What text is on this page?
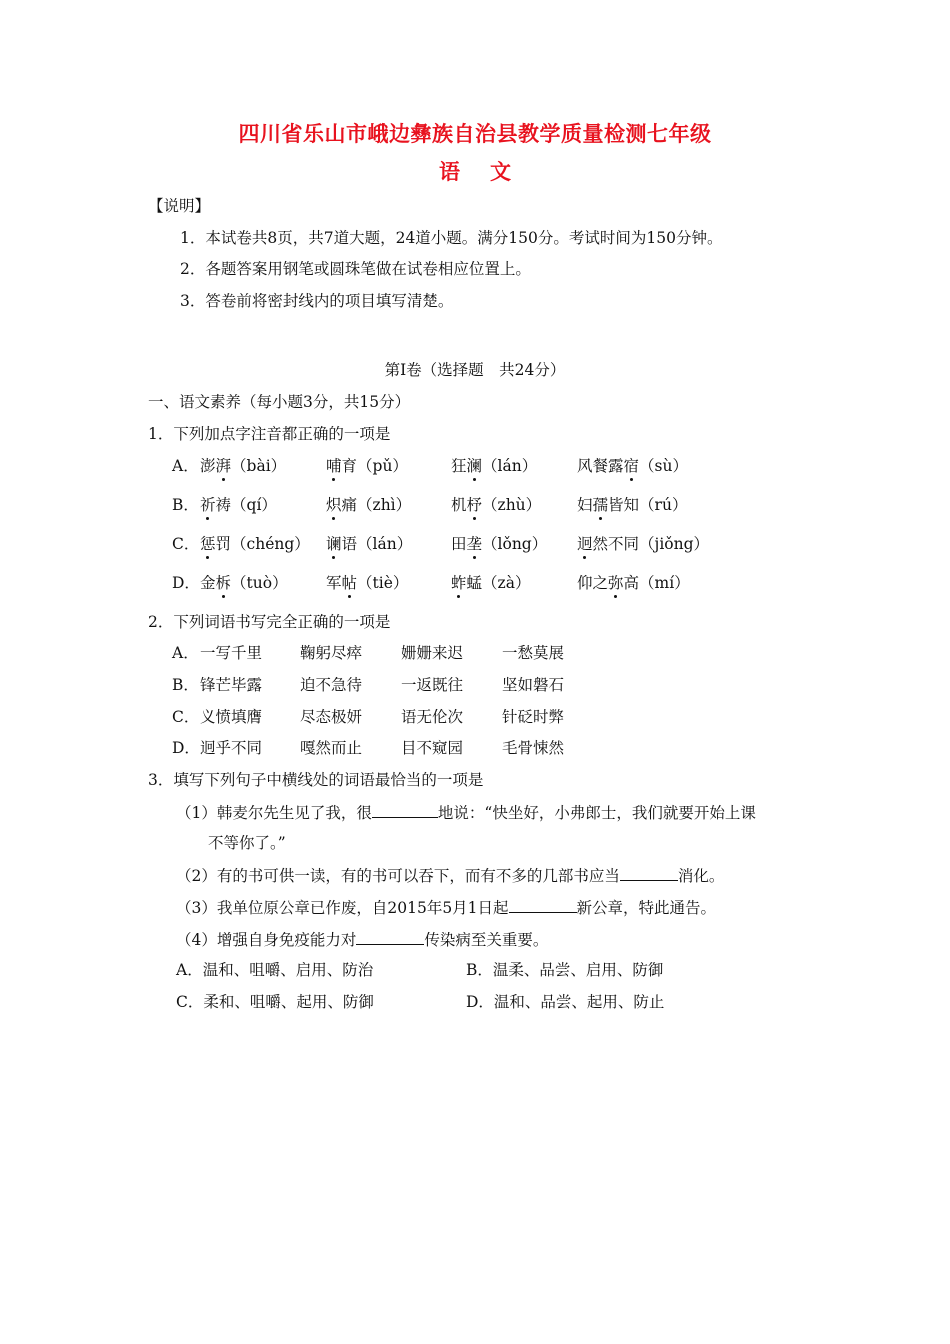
四川省乐山市峨边彝族自治县教学质量检测七年级
语文
【说明】
1．本试卷共8页，共7道大题，24道小题。满分150分。考试时间为150分钟。
2．各题答案用钢笔或圆珠笔做在试卷相应位置上。
3．答卷前将密封线内的项目填写清楚。
第Ⅰ卷（选择题　共24分）
一、语文素养（每小题3分，共15分）
1．下列加点字注音都正确的一项是
A． 澎湃（bài）	哺育（pǔ）	狂澜（lán）	风餐露宿（sù）
B． 祈祷（qí）	炽痛（zhì）	机杼（zhù） 妇孺皆知（rú）
C． 惩罚（chéng） 谰语（lán）	田垄（lǒng） 迥然不同（jiǒng）
D． 金柝（tuò） 军帖（tiè）	蚱蜢（zà）	仰之弥高（mí）
2．下列词语书写完全正确的一项是
A． 一写千里 鞠躬尽瘁	姗姗来迟	一愁莫展
B． 锋芒毕露 迫不急待	一返既往	坚如磐石
C． 义愤填膺 尽态极妍	语无伦次	针砭时弊
D． 迥乎不同 嘎然而止	目不窥园	毛骨悚然
3．填写下列句子中横线处的词语最恰当的一项是
（1）韩麦尔先生见了我，很	地说：“快坐好，小弗郎士，我们就要开始上课
不等你了。”
（2）有的书可供一读，有的书可以吞下，而有不多的几部书应当	消化。
（3）我单位原公章已作废，自2015年5月1日起	新公章，特此通告。
（4）增强自身免疫能力对	传染病至关重要。
A．温和、咀嚼、启用、防治	B．温柔、品尝、启用、防御
C．柔和、咀嚼、起用、防御	D．温和、品尝、起用、防止
